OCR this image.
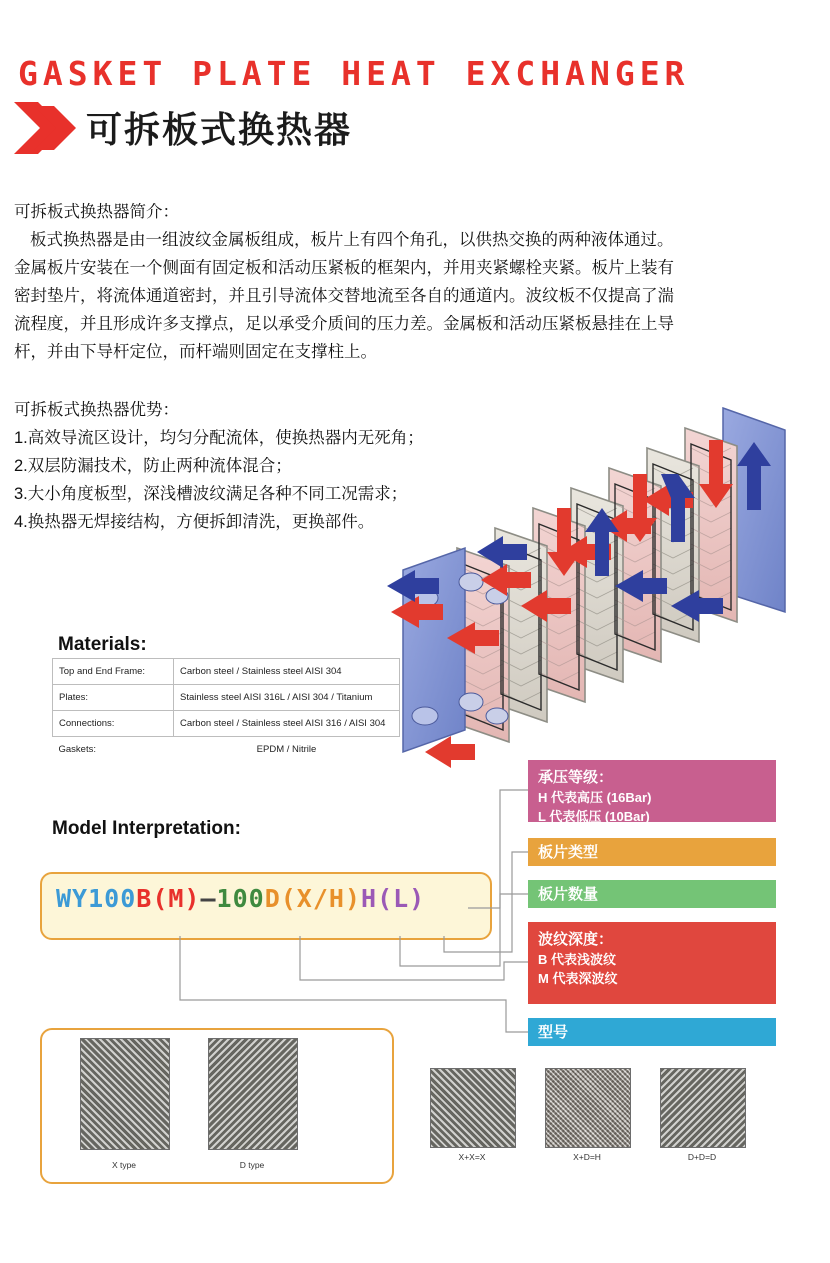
GASKET PLATE HEAT EXCHANGER
可拆板式换热器
可拆板式换热器简介：

板式换热器是由一组波纹金属板组成，板片上有四个角孔，以供热交换的两种液体通过。

金属板片安装在一个侧面有固定板和活动压紧板的框架内，并用夹紧螺栓夹紧。板片上装有

密封垫片，将流体通道密封，并且引导流体交替地流至各自的通道内。波纹板不仅提高了湍

流程度，并且形成许多支撑点，足以承受介质间的压力差。金属板和活动压紧板悬挂在上导

杆，并由下导杆定位，而杆端则固定在支撑柱上。

可拆板式换热器优势：

1.高效导流区设计，均匀分配流体，使换热器内无死角；

2.双层防漏技术，防止两种流体混合；

3.大小角度板型，深浅槽波纹满足各种不同工况需求；

4.换热器无焊接结构，方便拆卸清洗，更换部件。

Materials:
Top and End Frame:	Carbon steel / Stainless steel AISI 304
Plates:	Stainless steel AISI 316L / AISI 304 / Titanium
Connections:	Carbon steel / Stainless steel AISI 316 / AISI 304
Gaskets:	EPDM / Nitrile
Model Interpretation:
WY100B(M)–100D(X/H)H(L)
承压等级：
H 代表高压 (16Bar)
L 代表低压 (10Bar)
板片类型
板片数量
波纹深度：
B 代表浅波纹
M 代表深波纹
型号
X type	D type
X+X=X	X+D=H	D+D=D
